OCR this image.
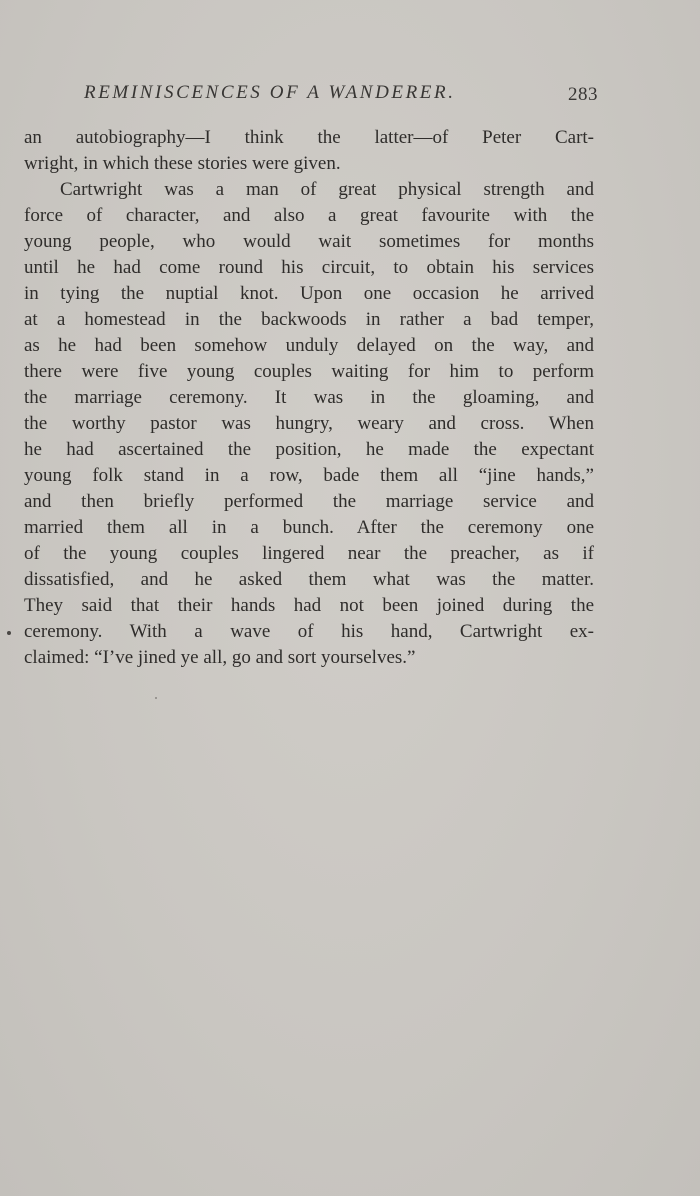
REMINISCENCES OF A WANDERER.	283
an autobiography—I think the latter—of Peter Cart-
wright, in which these stories were given.
Cartwright was a man of great physical strength and
force of character, and also a great favourite with the
young people, who would wait sometimes for months
until he had come round his circuit, to obtain his services
in tying the nuptial knot. Upon one occasion he arrived
at a homestead in the backwoods in rather a bad temper,
as he had been somehow unduly delayed on the way, and
there were five young couples waiting for him to perform
the marriage ceremony. It was in the gloaming, and
the worthy pastor was hungry, weary and cross. When
he had ascertained the position, he made the expectant
young folk stand in a row, bade them all “jine hands,”
and then briefly performed the marriage service and
married them all in a bunch. After the ceremony one
of the young couples lingered near the preacher, as if
dissatisfied, and he asked them what was the matter.
They said that their hands had not been joined during the
ceremony. With a wave of his hand, Cartwright ex-
claimed: “I’ve jined ye all, go and sort yourselves.”
